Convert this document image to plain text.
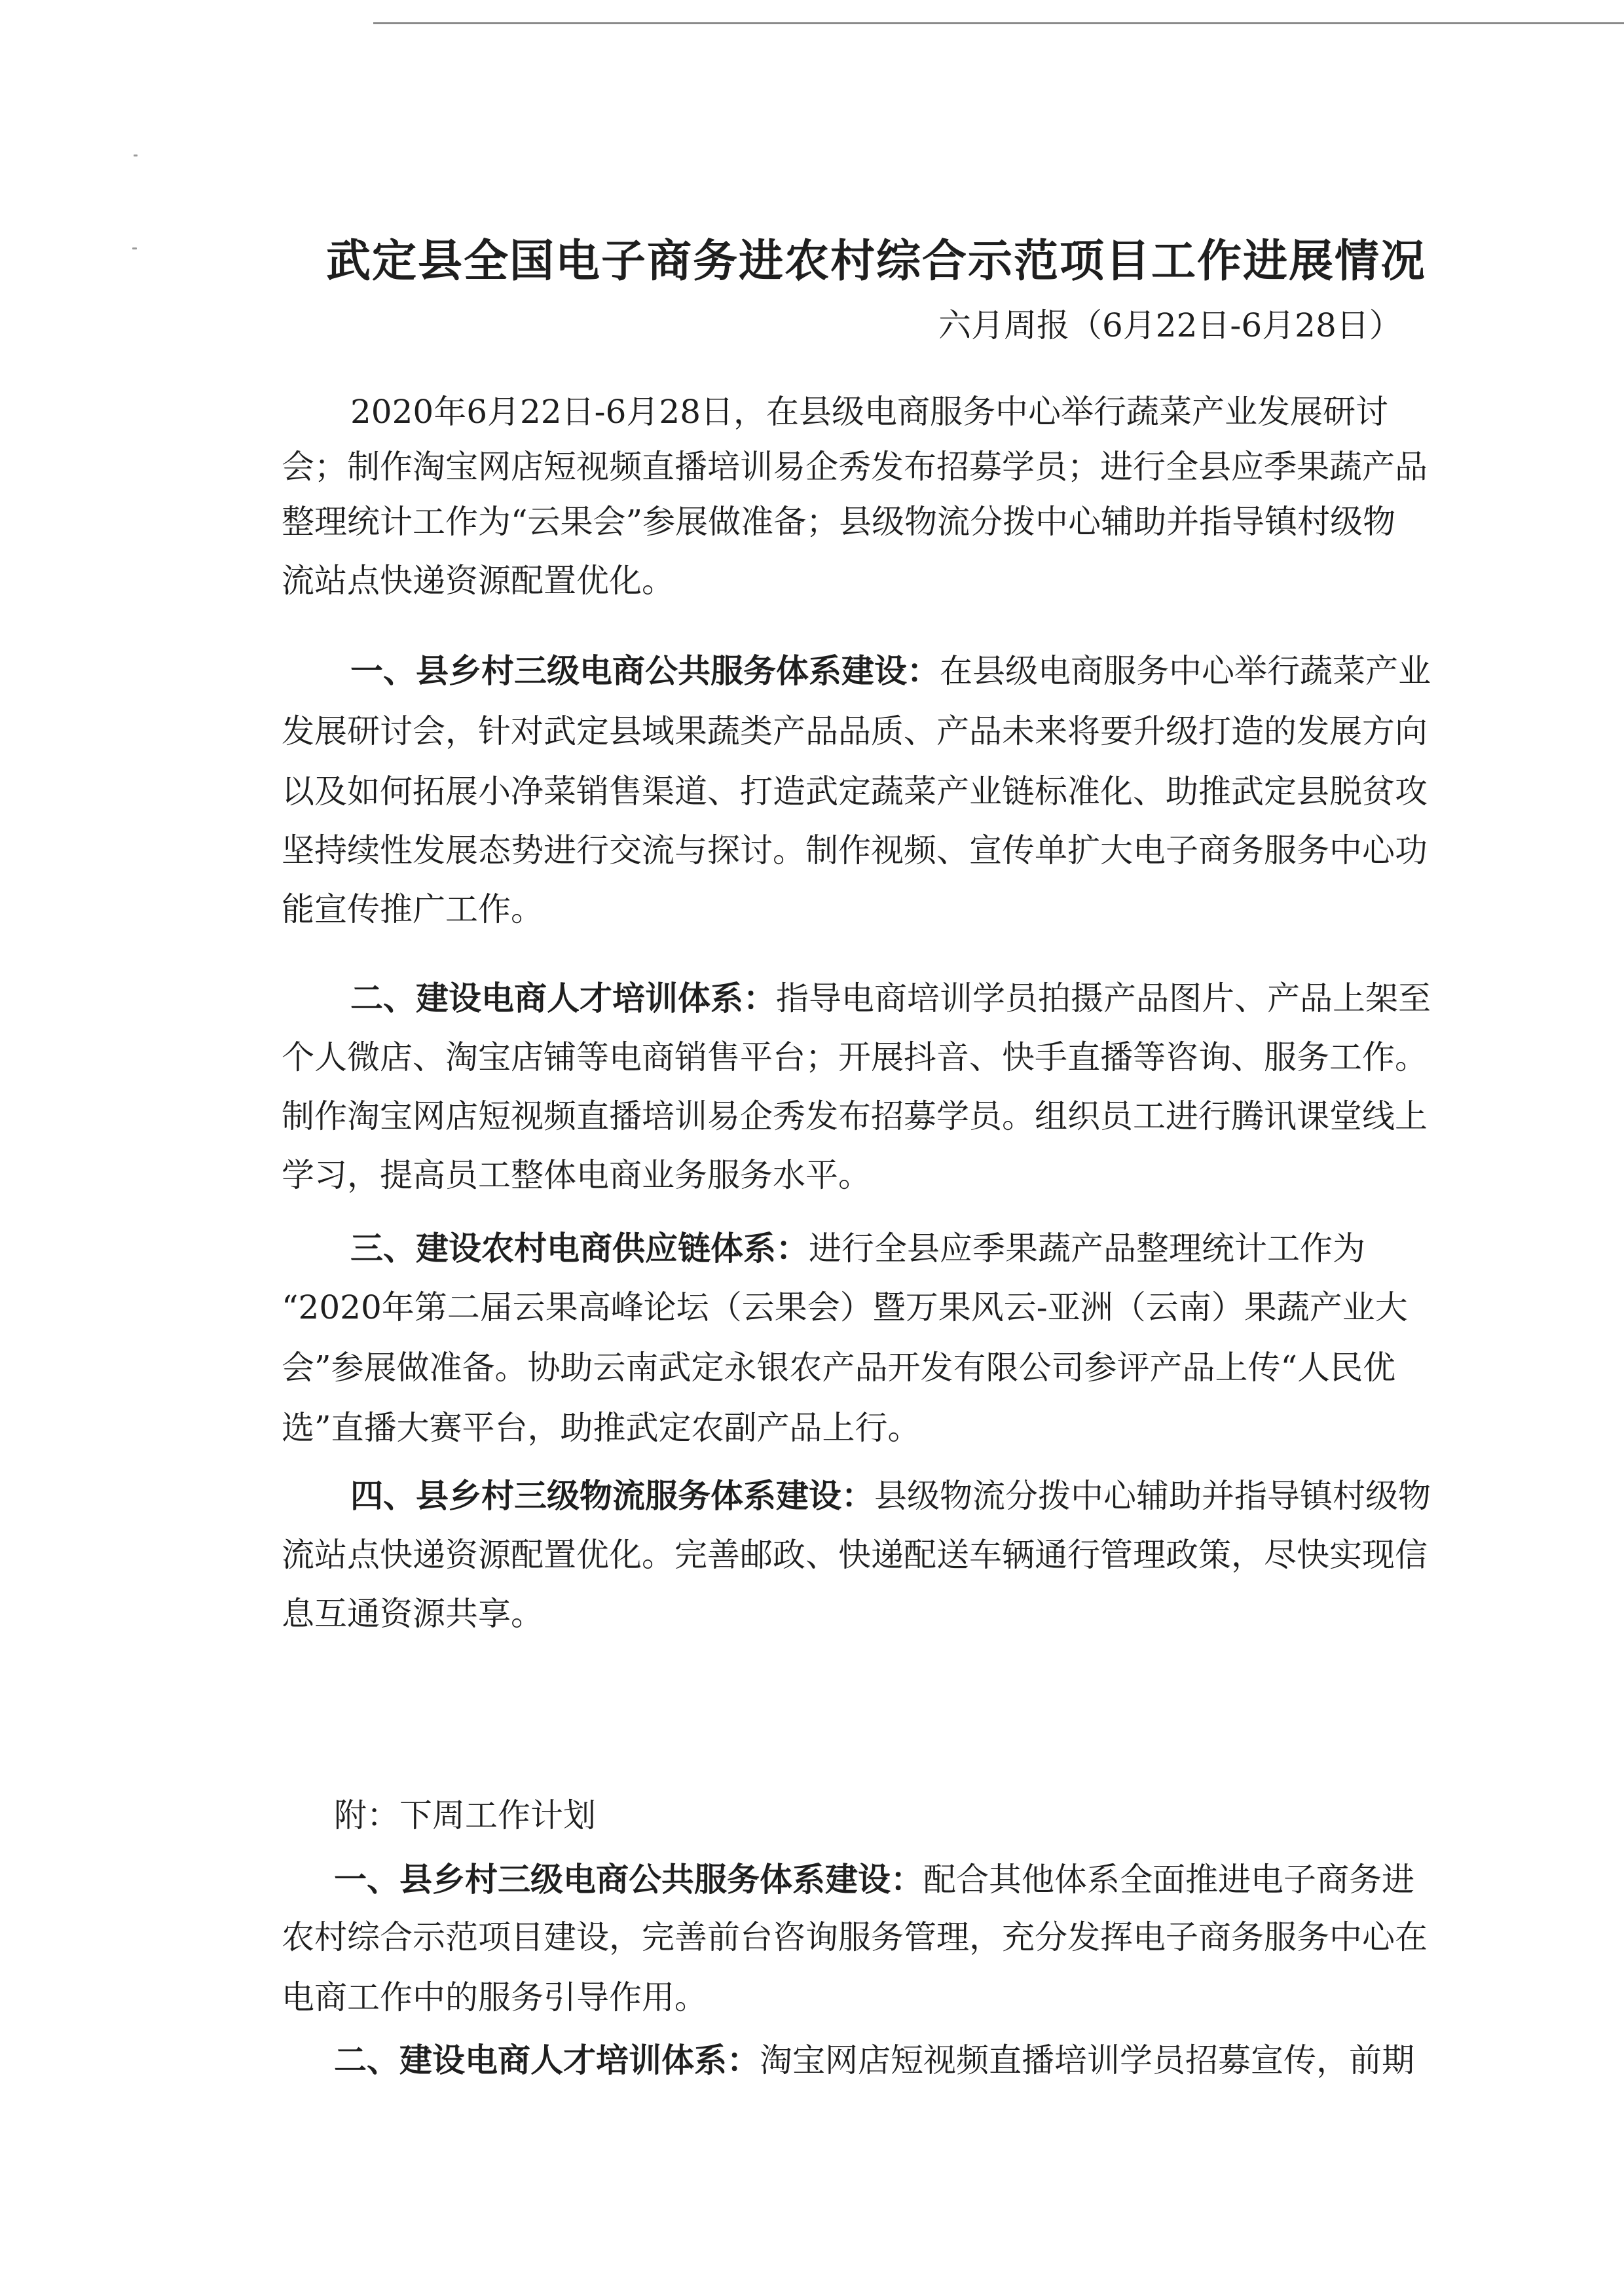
武定县全国电子商务进农村综合示范项目工作进展情况
六月周报（6月22日-6月28日）
2020年6月22日-6月28日，在县级电商服务中心举行蔬菜产业发展研讨
会；制作淘宝网店短视频直播培训易企秀发布招募学员；进行全县应季果蔬产品
整理统计工作为“云果会”参展做准备；县级物流分拨中心辅助并指导镇村级物
流站点快递资源配置优化。
一、县乡村三级电商公共服务体系建设：在县级电商服务中心举行蔬菜产业
发展研讨会，针对武定县域果蔬类产品品质、产品未来将要升级打造的发展方向
以及如何拓展小净菜销售渠道、打造武定蔬菜产业链标准化、助推武定县脱贫攻
坚持续性发展态势进行交流与探讨。制作视频、宣传单扩大电子商务服务中心功
能宣传推广工作。
二、建设电商人才培训体系：指导电商培训学员拍摄产品图片、产品上架至
个人微店、淘宝店铺等电商销售平台；开展抖音、快手直播等咨询、服务工作。
制作淘宝网店短视频直播培训易企秀发布招募学员。组织员工进行腾讯课堂线上
学习，提高员工整体电商业务服务水平。
三、建设农村电商供应链体系：进行全县应季果蔬产品整理统计工作为
“2020年第二届云果高峰论坛（云果会）暨万果风云-亚洲（云南）果蔬产业大
会”参展做准备。协助云南武定永银农产品开发有限公司参评产品上传“人民优
选”直播大赛平台，助推武定农副产品上行。
四、县乡村三级物流服务体系建设：县级物流分拨中心辅助并指导镇村级物
流站点快递资源配置优化。完善邮政、快递配送车辆通行管理政策，尽快实现信
息互通资源共享。
附：下周工作计划
一、县乡村三级电商公共服务体系建设：配合其他体系全面推进电子商务进
农村综合示范项目建设，完善前台咨询服务管理，充分发挥电子商务服务中心在
电商工作中的服务引导作用。
二、建设电商人才培训体系：淘宝网店短视频直播培训学员招募宣传，前期
